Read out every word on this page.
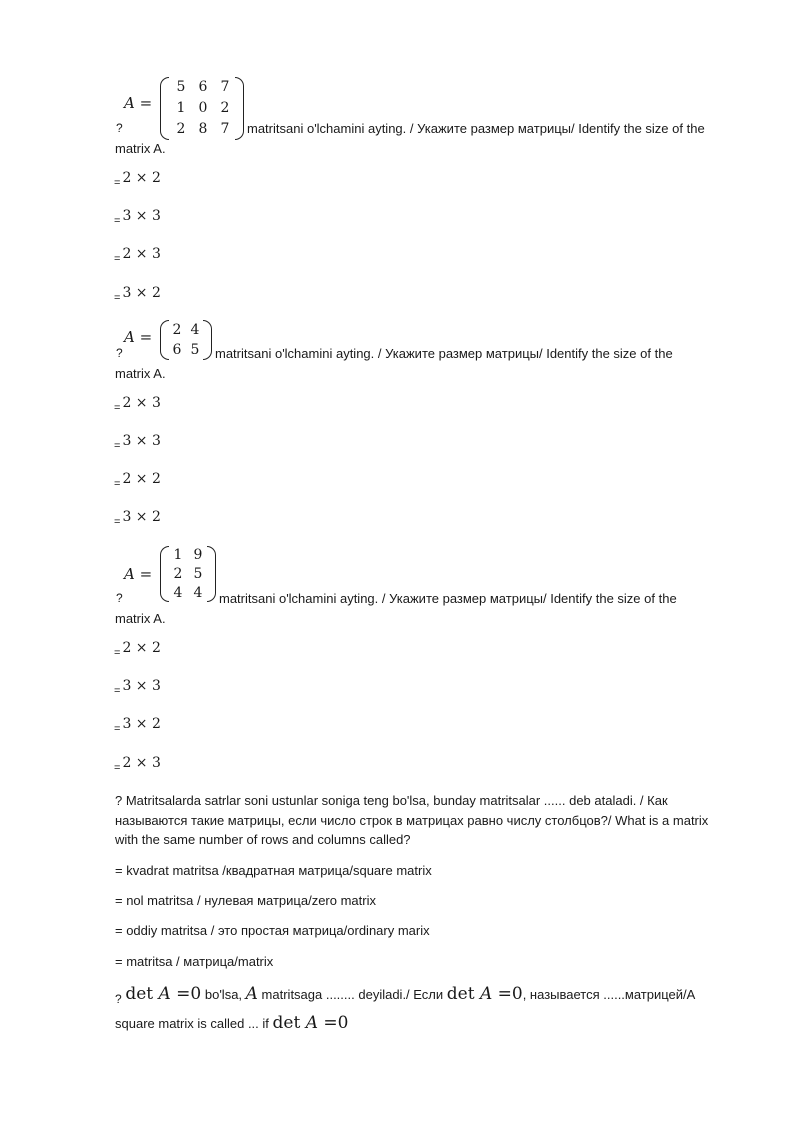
?
A =
5 6 7
1 0 2
2 8 7	matritsani o'lchamini ayting. / Укажите размер матрицы/ Identify the size of the
matrix A.
$_=$ 2 × 2
$_=$ 3 × 3
$_=$ 2 × 3
$_=$ 3 × 2
?
A =	2 4
6 5	matritsani o'lchamini ayting. / Укажите размер матрицы/ Identify the size of the
matrix A.
$_=$ 2 × 3
$_=$ 3 × 3
$_=$ 2 × 2
$_=$ 3 × 2
?
A =
1 9
2 5
4 4	matritsani o'lchamini ayting. / Укажите размер матрицы/ Identify the size of the
matrix A.
$_=$ 2 × 2
$_=$ 3 × 3
$_=$ 3 × 2
$_=$ 2 × 3
? Matritsalarda satrlar soni ustunlar soniga teng bo'lsa, bunday matritsalar ...... deb ataladi. / Как
называются такие матрицы, если число строк в матрицах равно числу столбцов?/ What is a matrix
with the same number of rows and columns called?
= kvadrat matritsa /квадратная матрица/square matrix
= nol matritsa / нулевая матрица/zero matrix
= oddiy matritsa / это простая матрица/ordinary marix
= matritsa / матрица/matrix
? det A =0 bo'lsa, A matritsaga ........ deyiladi./ Если det A =0, называется ......матрицей/A
square matrix is called ... if det A =0
